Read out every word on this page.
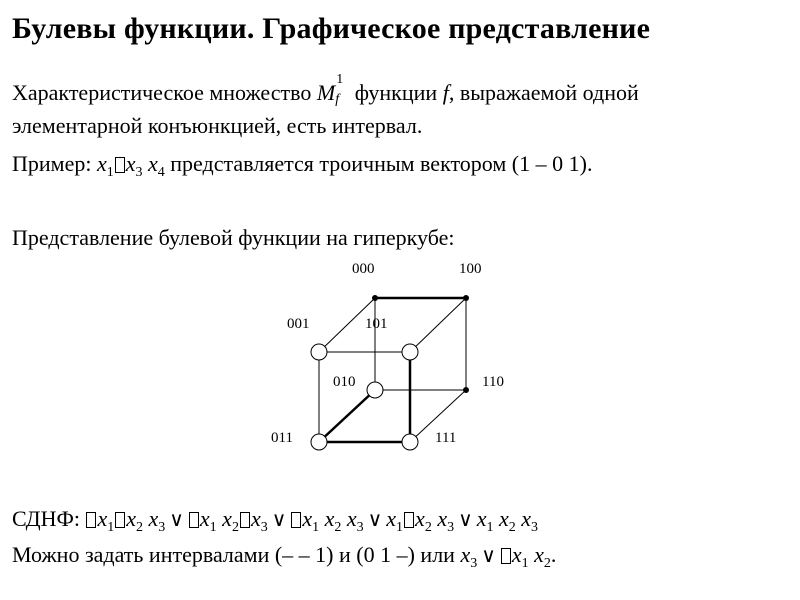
Булевы функции. Графическое представление
Характеристическое множество M
1
f функции f, выражаемой одной
элементарной конъюнкцией, есть интервал.
Пример: $x_1$ $x_3$ $x_4$ представляется троичным вектором (1 – 0 1).
Представление булевой функции на гиперкубе:
000	100
001	101
010	110
011	111
СДНФ: $x_1$ $x_2$ $x_3$ ∨ $x_1$ $x_2$ $x_3$ ∨ $x_1$ $x_2$ $x_3$ ∨ $x_1$ $x_2$ $x_3$ ∨ $x_1$ $x_2$ $x_3$
Можно задать интервалами (– – 1) и (0 1 –) или $x_3$ ∨ $x_1$ $x_2$.
